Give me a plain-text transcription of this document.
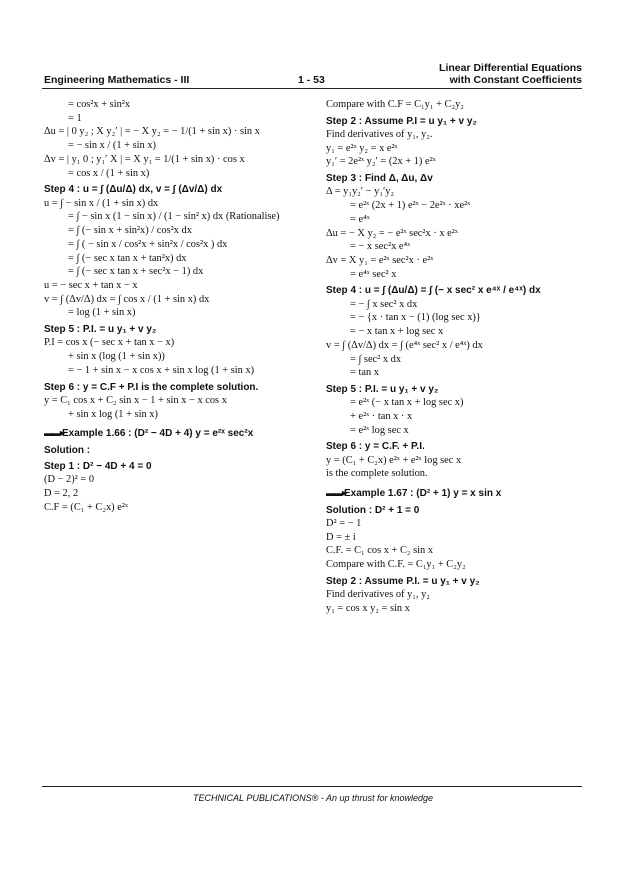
Linear Differential Equations
with Constant Coefficients
Engineering Mathematics - III	1 - 53
= cos²x + sin²x
= 1
Δu = | 0 y₂ ; X y₂′ | = − X y₂ = − 1/(1 + sin x) · sin x
= − sin x / (1 + sin x)
Δv = | y₁ 0 ; y₁′ X | = X y₁ = 1/(1 + sin x) · cos x
= cos x / (1 + sin x)
Step 4 : u = ∫ (Δu/Δ) dx, v = ∫ (Δv/Δ) dx
u = ∫ − sin x / (1 + sin x) dx
= ∫ − sin x (1 − sin x) / (1 − sin² x) dx (Rationalise)
= ∫ (− sin x + sin²x) / cos²x dx
= ∫ ( − sin x / cos²x + sin²x / cos²x ) dx
= ∫ (− sec x tan x + tan²x) dx
= ∫ (− sec x tan x + sec²x − 1) dx
u = − sec x + tan x − x
v = ∫ (Δv/Δ) dx = ∫ cos x / (1 + sin x) dx
= log (1 + sin x)
Step 5 : P.I. = u y₁ + v y₂
P.I = cos x (− sec x + tan x − x)
+ sin x (log (1 + sin x))
= − 1 + sin x − x cos x + sin x log (1 + sin x)
Step 6 : y = C.F + P.I is the complete solution.
y = C₁ cos x + C₂ sin x − 1 + sin x − x cos x
+ sin x log (1 + sin x)
▬▬►Example 1.66 : (D² − 4D + 4) y = e²ˣ sec²x
Solution :
Step 1 : D² − 4D + 4 = 0
(D − 2)² = 0
D = 2, 2
C.F = (C₁ + C₂x) e²ˣ
Compare with C.F = C₁y₁ + C₂y₂
Step 2 : Assume P.I = u y₁ + v y₂
Find derivatives of y₁, y₂.
y₁ = e²ˣ y₂ = x e²ˣ
y₁′ = 2e²ˣ y₂′ = (2x + 1) e²ˣ
Step 3 : Find Δ, Δu, Δv
Δ = y₁y₂′ − y₁′y₂
= e²ˣ (2x + 1) e²ˣ − 2e²ˣ · xe²ˣ
= e⁴ˣ
Δu = − X y₂ = − e²ˣ sec²x · x e²ˣ
= − x sec²x e⁴ˣ
Δv = X y₁ = e²ˣ sec²x · e²ˣ
= e⁴ˣ sec² x
Step 4 : u = ∫ (Δu/Δ) = ∫ (− x sec² x e⁴ˣ / e⁴ˣ) dx
= − ∫ x sec² x dx
= − {x · tan x − (1) (log sec x)}
= − x tan x + log sec x
v = ∫ (Δv/Δ) dx = ∫ (e⁴ˣ sec² x / e⁴ˣ) dx
= ∫ sec² x dx
= tan x
Step 5 : P.I. = u y₁ + v y₂
= e²ˣ (− x tan x + log sec x)
+ e²ˣ · tan x · x
= e²ˣ log sec x
Step 6 : y = C.F. + P.I.
y = (C₁ + C₂x) e²ˣ + e²ˣ log sec x
is the complete solution.
▬▬►Example 1.67 : (D² + 1) y = x sin x
Solution : D² + 1 = 0
D² = − 1
D = ± i
C.F. = C₁ cos x + C₂ sin x
Compare with C.F. = C₁y₁ + C₂y₂
Step 2 : Assume P.I. = u y₁ + v y₂
Find derivatives of y₁, y₂
y₁ = cos x y₂ = sin x
TECHNICAL PUBLICATIONS® - An up thrust for knowledge
